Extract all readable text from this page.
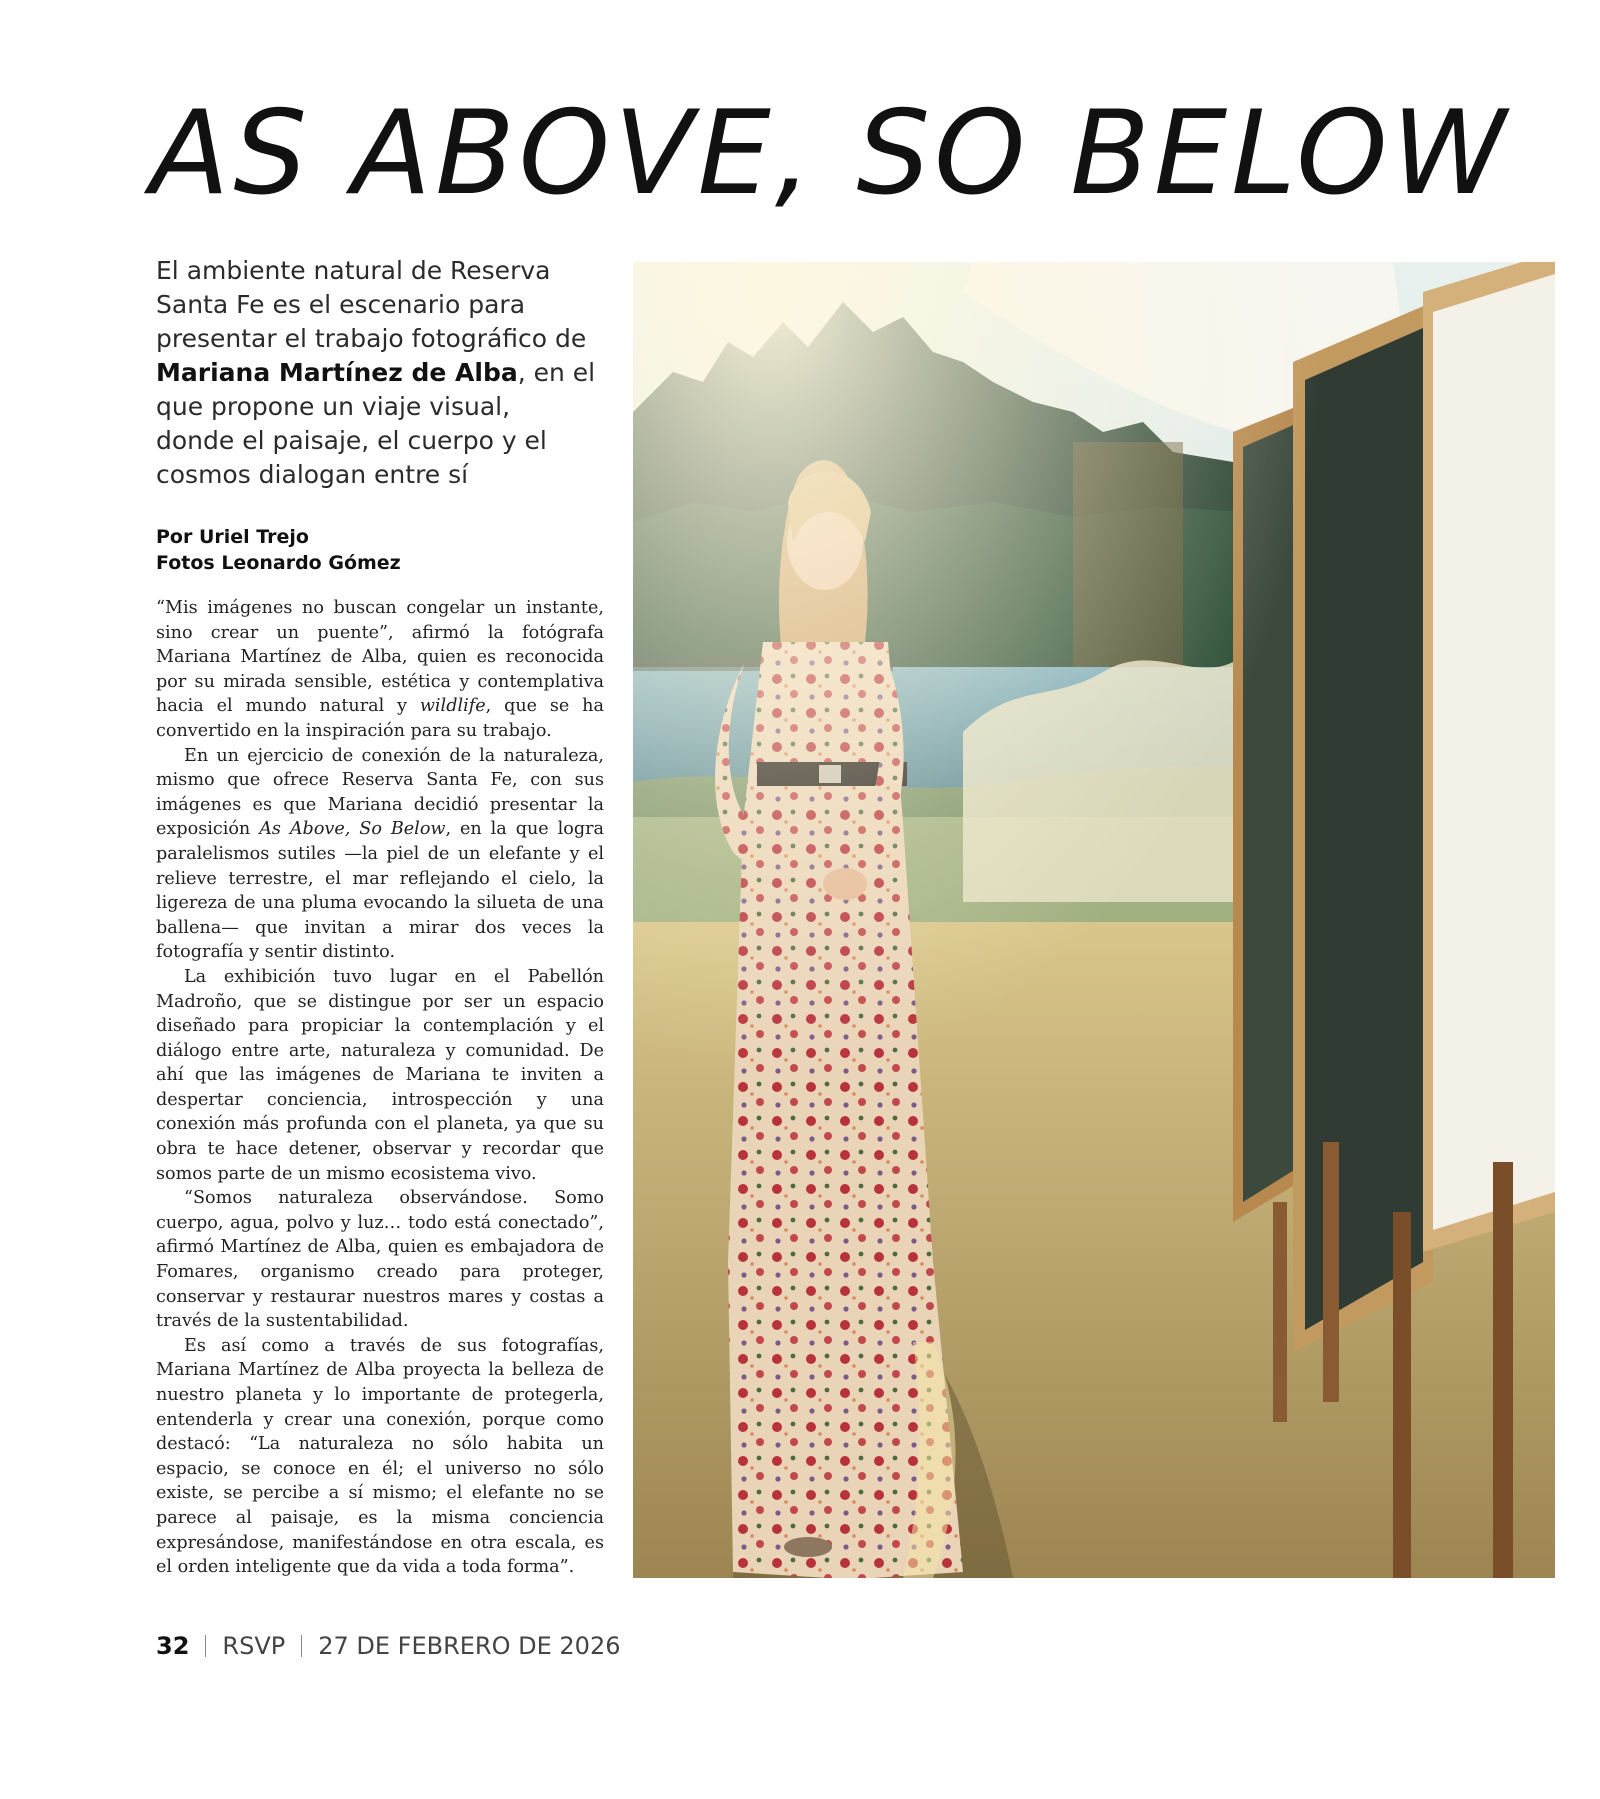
AS ABOVE, SO BELOW

El ambiente natural de Reserva Santa Fe es el escenario para presentar el trabajo fotográfico de Mariana Martínez de Alba, en el que propone un viaje visual, donde el paisaje, el cuerpo y el cosmos dialogan entre sí

Por Uriel Trejo
Fotos Leonardo Gómez

“Mis imágenes no buscan congelar un instante, sino crear un puente”, afirmó la fotógrafa Mariana Martínez de Alba, quien es reconocida por su mirada sensible, estética y contemplativa hacia el mundo natural y wildlife, que se ha convertido en la inspiración para su trabajo.

En un ejercicio de conexión de la naturaleza, mismo que ofrece Reserva Santa Fe, con sus imágenes es que Mariana decidió presentar la exposición As Above, So Below, en la que logra paralelismos sutiles —la piel de un elefante y el relieve terrestre, el mar reflejando el cielo, la ligereza de una pluma evocando la silueta de una ballena— que invitan a mirar dos veces la fotografía y sentir distinto.

La exhibición tuvo lugar en el Pabellón Madroño, que se distingue por ser un espacio diseñado para propiciar la contemplación y el diálogo entre arte, naturaleza y comunidad. De ahí que las imágenes de Mariana te inviten a despertar conciencia, introspección y una conexión más profunda con el planeta, ya que su obra te hace detener, observar y recordar que somos parte de un mismo ecosistema vivo.

“Somos naturaleza observándose. Somo cuerpo, agua, polvo y luz… todo está conectado”, afirmó Martínez de Alba, quien es embajadora de Fomares, organismo creado para proteger, conservar y restaurar nuestros mares y costas a través de la sustentabilidad.

Es así como a través de sus fotografías, Mariana Martínez de Alba proyecta la belleza de nuestro planeta y lo importante de protegerla, entenderla y crear una conexión, porque como destacó: “La naturaleza no sólo habita un espacio, se conoce en él; el universo no sólo existe, se percibe a sí mismo; el elefante no se parece al paisaje, es la misma conciencia expresándose, manifestándose en otra escala, es el orden inteligente que da vida a toda forma”.

32 RSVP 27 DE FEBRERO DE 2026
